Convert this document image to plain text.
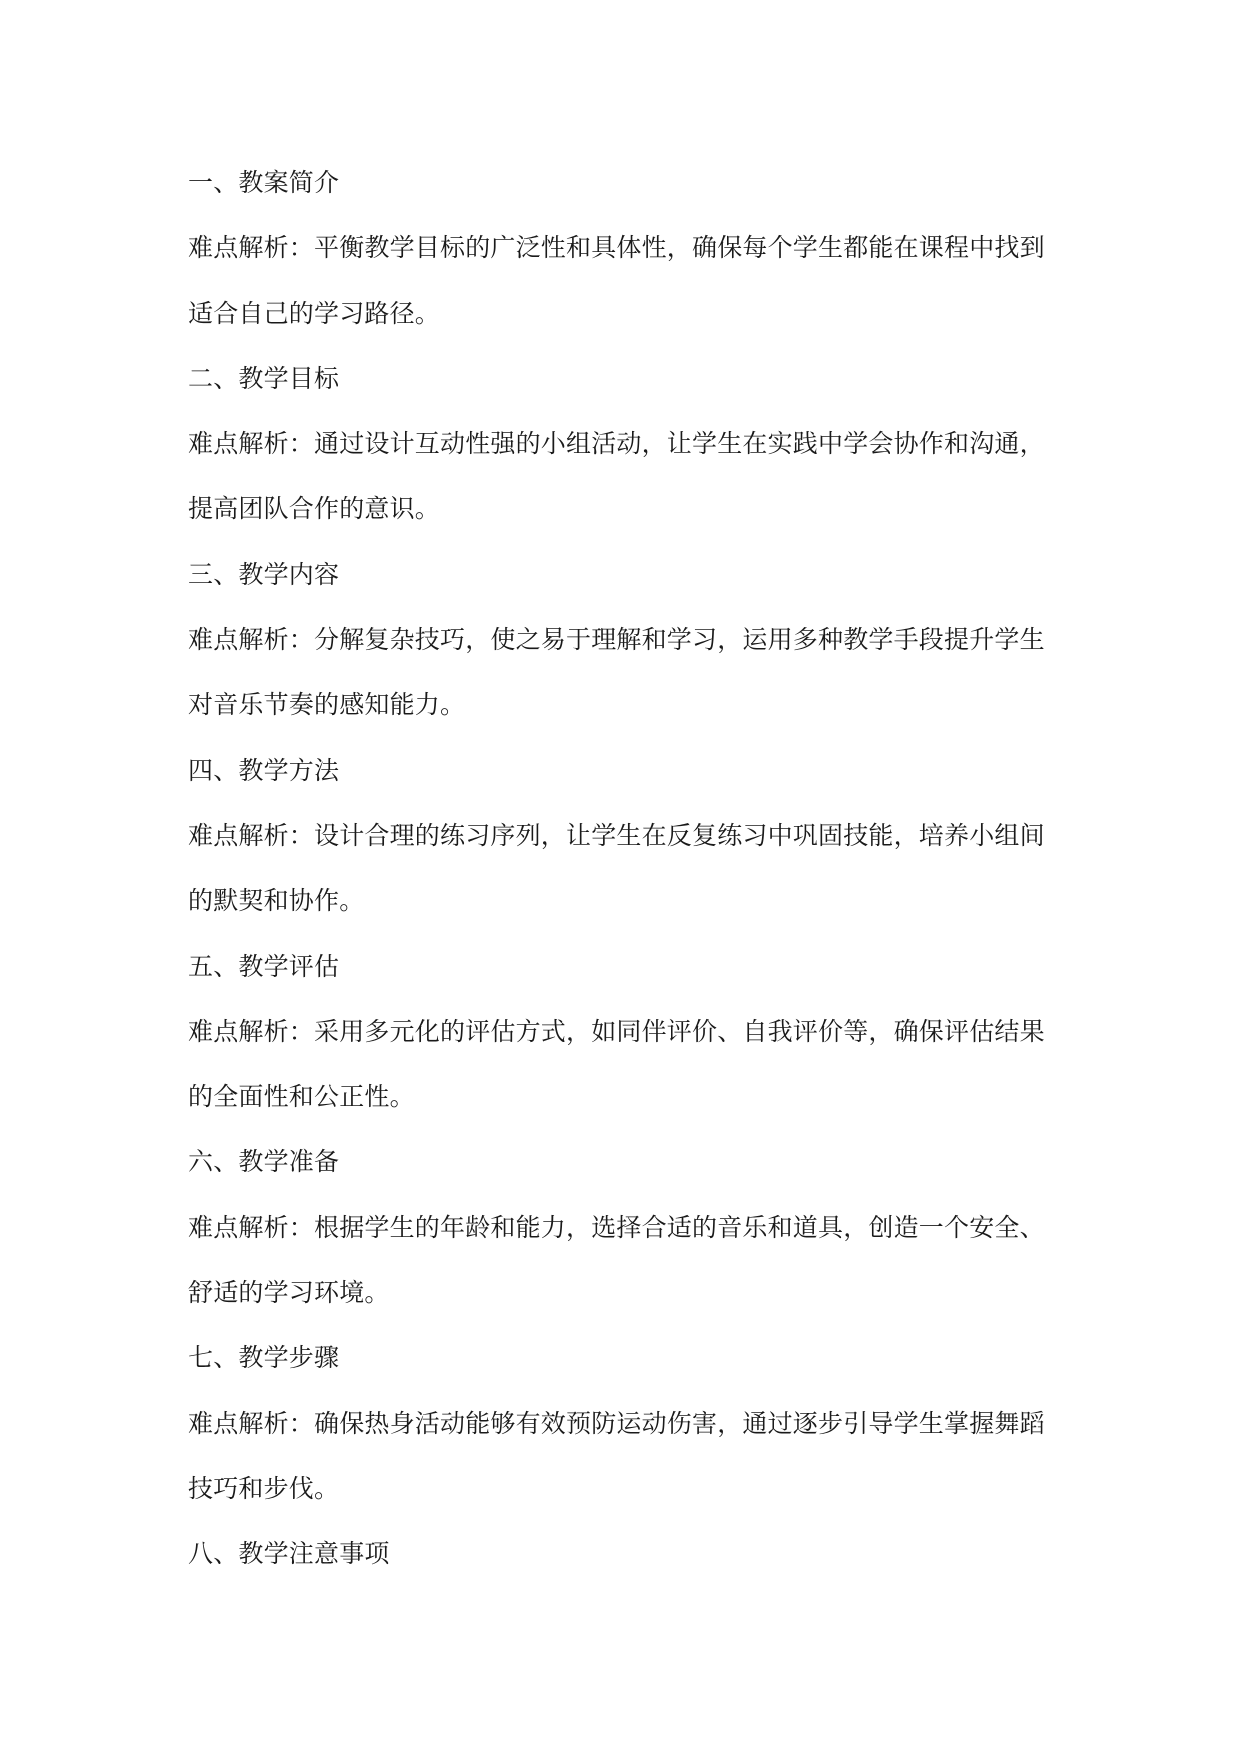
一、教案简介
难点解析：平衡教学目标的广泛性和具体性，确保每个学生都能在课程中找到
适合自己的学习路径。
二、教学目标
难点解析：通过设计互动性强的小组活动，让学生在实践中学会协作和沟通，
提高团队合作的意识。
三、教学内容
难点解析：分解复杂技巧，使之易于理解和学习，运用多种教学手段提升学生
对音乐节奏的感知能力。
四、教学方法
难点解析：设计合理的练习序列，让学生在反复练习中巩固技能，培养小组间
的默契和协作。
五、教学评估
难点解析：采用多元化的评估方式，如同伴评价、自我评价等，确保评估结果
的全面性和公正性。
六、教学准备
难点解析：根据学生的年龄和能力，选择合适的音乐和道具，创造一个安全、
舒适的学习环境。
七、教学步骤
难点解析：确保热身活动能够有效预防运动伤害，通过逐步引导学生掌握舞蹈
技巧和步伐。
八、教学注意事项
